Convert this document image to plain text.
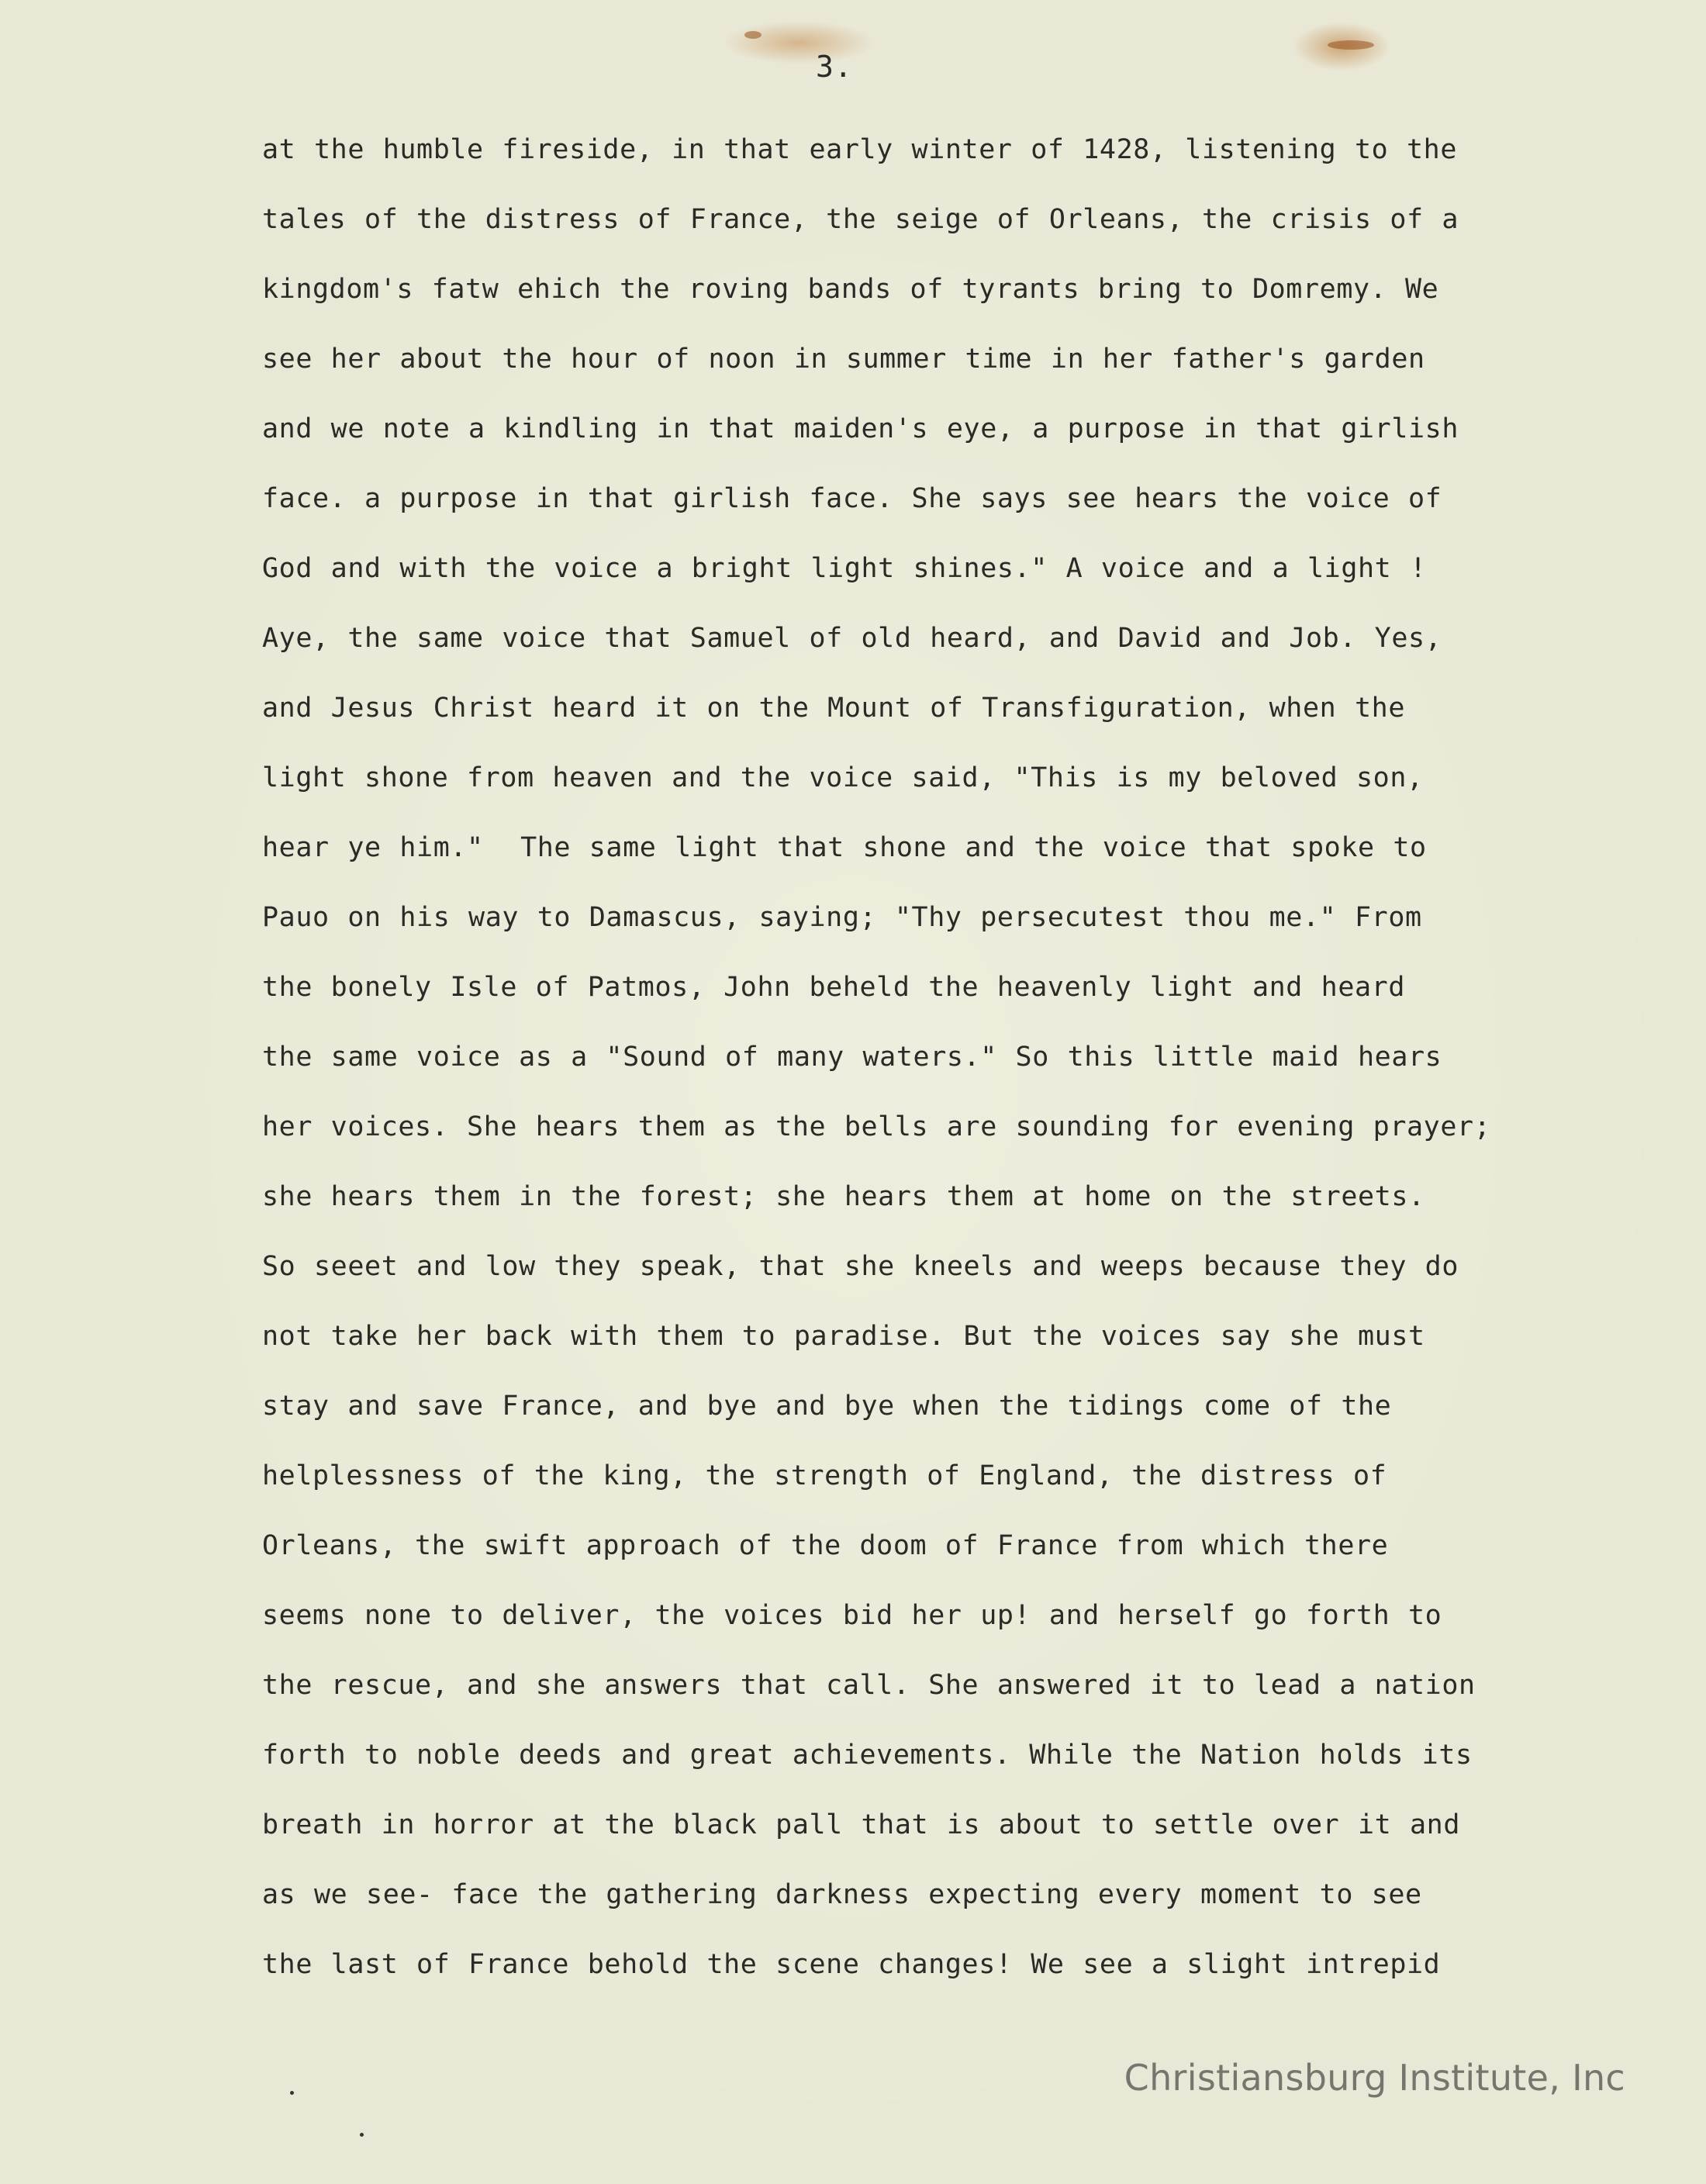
3.
at the humble fireside, in that early winter of 1428, listening to the
tales of the distress of France, the seige of Orleans, the crisis of a
kingdom's fatw ehich the roving bands of tyrants bring to Domremy. We
see her about the hour of noon in summer time in her father's garden
and we note a kindling in that maiden's eye, a purpose in that girlish
face. a purpose in that girlish face. She says see hears the voice of
God and with the voice a bright light shines." A voice and a light !
Aye, the same voice that Samuel of old heard, and David and Job. Yes,
and Jesus Christ heard it on the Mount of Transfiguration, when the
light shone from heaven and the voice said, "This is my beloved son,
hear ye him."  The same light that shone and the voice that spoke to
Pauo on his way to Damascus, saying; "Thy persecutest thou me." From
the bonely Isle of Patmos, John beheld the heavenly light and heard
the same voice as a "Sound of many waters." So this little maid hears
her voices. She hears them as the bells are sounding for evening prayer;
she hears them in the forest; she hears them at home on the streets.
So seeet and low they speak, that she kneels and weeps because they do
not take her back with them to paradise. But the voices say she must
stay and save France, and bye and bye when the tidings come of the
helplessness of the king, the strength of England, the distress of
Orleans, the swift approach of the doom of France from which there
seems none to deliver, the voices bid her up! and herself go forth to
the rescue, and she answers that call. She answered it to lead a nation
forth to noble deeds and great achievements. While the Nation holds its
breath in horror at the black pall that is about to settle over it and
as we see- face the gathering darkness expecting every moment to see
the last of France behold the scene changes! We see a slight intrepid
Christiansburg Institute, Inc
